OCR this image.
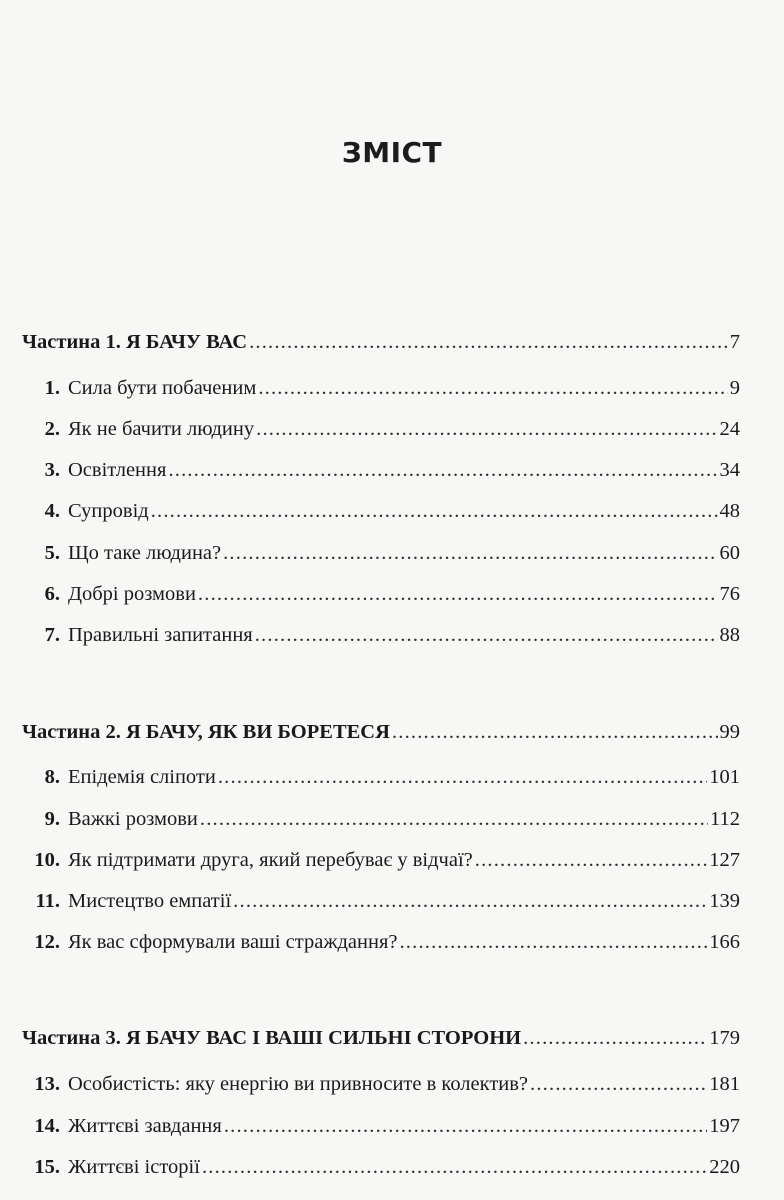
ЗМІСТ
Частина 1. Я БАЧУ ВАС .....	7
1. Сила бути побаченим .....	9
2. Як не бачити людину .....	24
3. Освітлення .....	34
4. Супровід .....	48
5. Що таке людина? .....	60
6. Добрі розмови .....	76
7. Правильні запитання .....	88
Частина 2. Я БАЧУ, ЯК ВИ БОРЕТЕСЯ .....	99
8. Епідемія сліпоти .....	101
9. Важкі розмови .....	112
10. Як підтримати друга, який перебуває у відчаї? .....	127
11. Мистецтво емпатії .....	139
12. Як вас сформували ваші страждання? .....	166
Частина 3. Я БАЧУ ВАС І ВАШІ СИЛЬНІ СТОРОНИ .....	179
13. Особистість: яку енергію ви привносите в колектив? .....	181
14. Життєві завдання .....	197
15. Життєві історії .....	220
